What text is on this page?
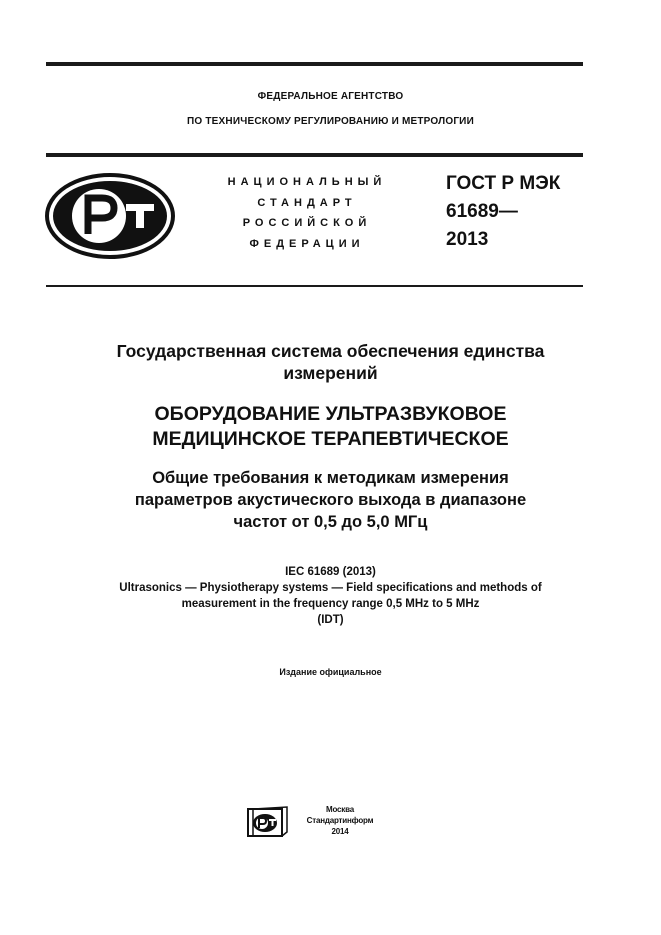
ФЕДЕРАЛЬНОЕ АГЕНТСТВО
ПО ТЕХНИЧЕСКОМУ РЕГУЛИРОВАНИЮ И МЕТРОЛОГИИ
НАЦИОНАЛЬНЫЙ
СТАНДАРТ
РОССИЙСКОЙ
ФЕДЕРАЦИИ
ГОСТ Р МЭК
61689—
2013
Государственная система обеспечения единства
измерений
ОБОРУДОВАНИЕ УЛЬТРАЗВУКОВОЕ
МЕДИЦИНСКОЕ ТЕРАПЕВТИЧЕСКОЕ
Общие требования к методикам измерения
параметров акустического выхода в диапазоне
частот от 0,5 до 5,0 МГц
IEC 61689 (2013)
Ultrasonics — Physiotherapy systems — Field specifications and methods of
measurement in the frequency range 0,5 MHz to 5 MHz
(IDT)
Издание официальное
Москва
Стандартинформ
2014
